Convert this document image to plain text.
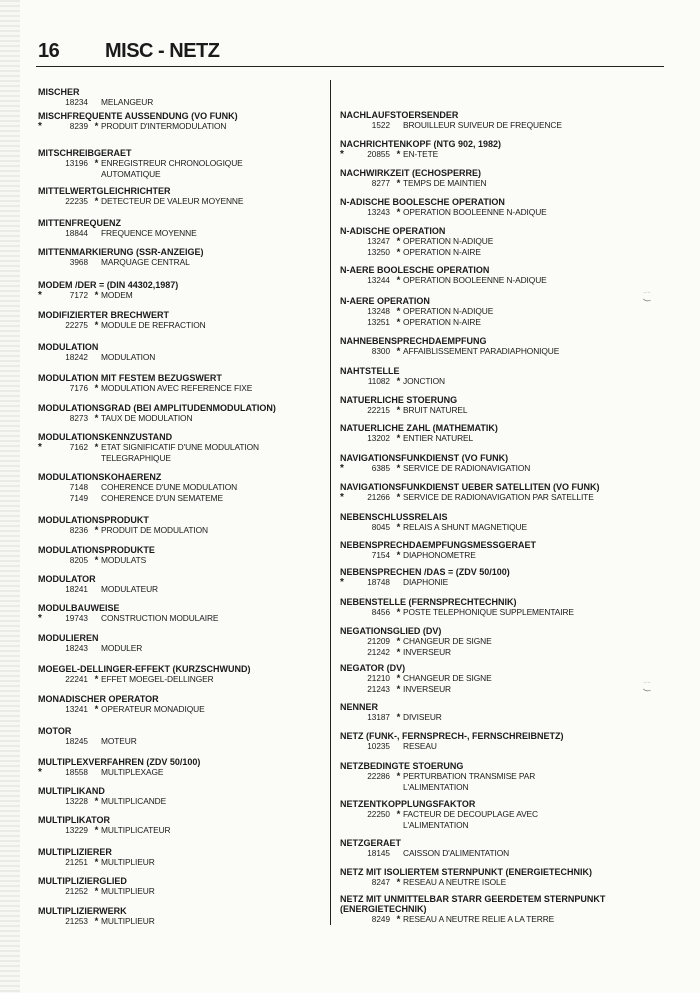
16 MISC - NETZ
MISCHER
18234	MELANGEUR
MISCHFREQUENTE AUSSENDUNG (VO FUNK)
*	8239 * PRODUIT D'INTERMODULATION
MITSCHREIBGERAET
13196 * ENREGISTREUR CHRONOLOGIQUE
AUTOMATIQUE
MITTELWERTGLEICHRICHTER
22235 * DETECTEUR DE VALEUR MOYENNE
MITTENFREQUENZ
18844	FREQUENCE MOYENNE
MITTENMARKIERUNG (SSR-ANZEIGE)
3968	MARQUAGE CENTRAL
MODEM /DER = (DIN 44302,1987)
*	7172 * MODEM
MODIFIZIERTER BRECHWERT
22275 * MODULE DE REFRACTION
MODULATION
18242	MODULATION
MODULATION MIT FESTEM BEZUGSWERT
7176 * MODULATION AVEC REFERENCE FIXE
MODULATIONSGRAD (BEI AMPLITUDENMODULATION)
8273 * TAUX DE MODULATION
MODULATIONSKENNZUSTAND
*	7162 * ETAT SIGNIFICATIF D'UNE MODULATION
TELEGRAPHIQUE
MODULATIONSKOHAERENZ
7148	COHERENCE D'UNE MODULATION
7149	COHERENCE D'UN SEMATEME
MODULATIONSPRODUKT
8236 * PRODUIT DE MODULATION
MODULATIONSPRODUKTE
8205 * MODULATS
MODULATOR
18241	MODULATEUR
MODULBAUWEISE
*	19743	CONSTRUCTION MODULAIRE
MODULIEREN
18243	MODULER
MOEGEL-DELLINGER-EFFEKT (KURZSCHWUND)
22241 * EFFET MOEGEL-DELLINGER
MONADISCHER OPERATOR
13241 * OPERATEUR MONADIQUE
MOTOR
18245	MOTEUR
MULTIPLEXVERFAHREN (ZDV 50/100)
*	18558	MULTIPLEXAGE
MULTIPLIKAND
13228 * MULTIPLICANDE
MULTIPLIKATOR
13229 * MULTIPLICATEUR
MULTIPLIZIERER
21251 * MULTIPLIEUR
MULTIPLIZIERGLIED
21252 * MULTIPLIEUR
MULTIPLIZIERWERK
21253 * MULTIPLIEUR
NACHLAUFSTOERSENDER
1522	BROUILLEUR SUIVEUR DE FREQUENCE
NACHRICHTENKOPF (NTG 902, 1982)
*	20855 * EN-TETE
NACHWIRKZEIT (ECHOSPERRE)
8277 * TEMPS DE MAINTIEN
N-ADISCHE BOOLESCHE OPERATION
13243 * OPERATION BOOLEENNE N-ADIQUE
N-ADISCHE OPERATION
13247 * OPERATION N-ADIQUE
13250 * OPERATION N-AIRE
N-AERE BOOLESCHE OPERATION
13244 * OPERATION BOOLEENNE N-ADIQUE
N-AERE OPERATION
13248 * OPERATION N-ADIQUE
13251 * OPERATION N-AIRE
NAHNEBENSPRECHDAEMPFUNG
8300 * AFFAIBLISSEMENT PARADIAPHONIQUE
NAHTSTELLE
11082 * JONCTION
NATUERLICHE STOERUNG
22215 * BRUIT NATUREL
NATUERLICHE ZAHL (MATHEMATIK)
13202 * ENTIER NATUREL
NAVIGATIONSFUNKDIENST (VO FUNK)
*	6385 * SERVICE DE RADIONAVIGATION
NAVIGATIONSFUNKDIENST UEBER SATELLITEN (VO FUNK)
*	21266 * SERVICE DE RADIONAVIGATION PAR SATELLITE
NEBENSCHLUSSRELAIS
8045 * RELAIS A SHUNT MAGNETIQUE
NEBENSPRECHDAEMPFUNGSMESSGERAET
7154 * DIAPHONOMETRE
NEBENSPRECHEN /DAS = (ZDV 50/100)
*	18748	DIAPHONIE
NEBENSTELLE (FERNSPRECHTECHNIK)
8456 * POSTE TELEPHONIQUE SUPPLEMENTAIRE
NEGATIONSGLIED (DV)
21209 * CHANGEUR DE SIGNE
21242 * INVERSEUR
NEGATOR (DV)
21210 * CHANGEUR DE SIGNE
21243 * INVERSEUR
NENNER
13187 * DIVISEUR
NETZ (FUNK-, FERNSPRECH-, FERNSCHREIBNETZ)
10235	RESEAU
NETZBEDINGTE STOERUNG
22286 * PERTURBATION TRANSMISE PAR
L'ALIMENTATION
NETZENTKOPPLUNGSFAKTOR
22250 * FACTEUR DE DECOUPLAGE AVEC
L'ALIMENTATION
NETZGERAET
18145	CAISSON D'ALIMENTATION
NETZ MIT ISOLIERTEM STERNPUNKT (ENERGIETECHNIK)
8247 * RESEAU A NEUTRE ISOLE
NETZ MIT UNMITTELBAR STARR GEERDETEM STERNPUNKT
(ENERGIETECHNIK)
8249 * RESEAU A NEUTRE RELIE A LA TERRE
